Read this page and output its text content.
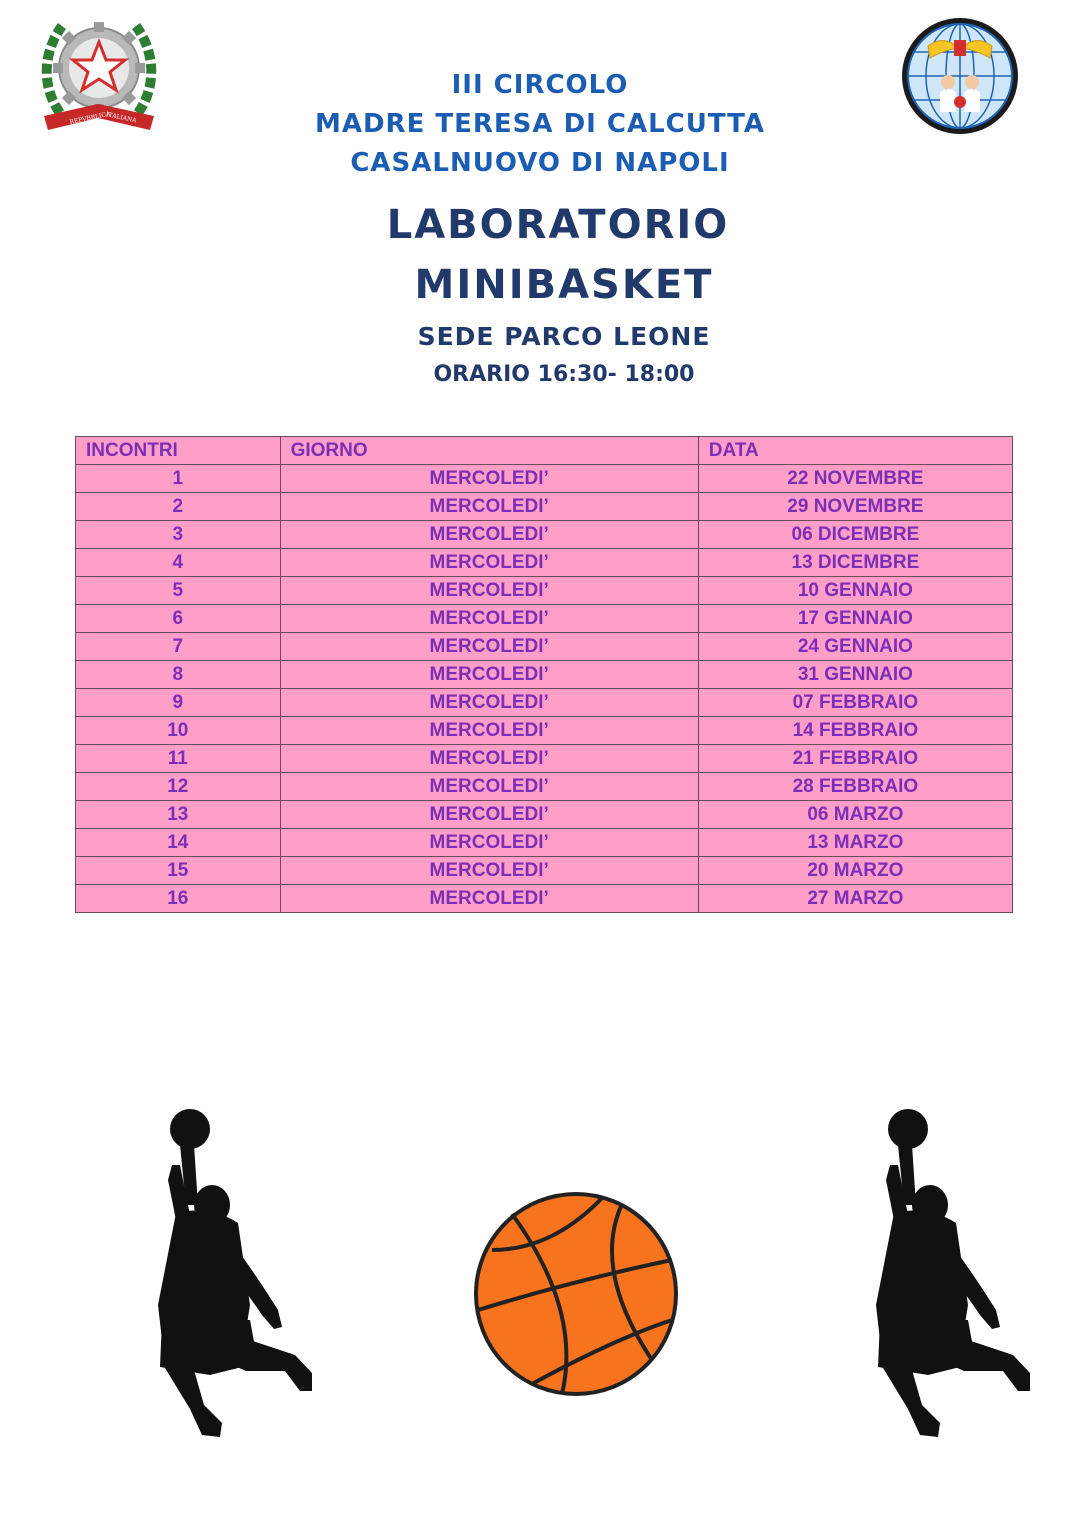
REPVBBLICA
ITALIANA
III CIRCOLO
MADRE TERESA DI CALCUTTA
CASALNUOVO DI NAPOLI
LABORATORIO
MINIBASKET
SEDE PARCO LEONE
ORARIO 16:30- 18:00
INCONTRI	GIORNO	DATA
1	MERCOLEDI’	22 NOVEMBRE
2	MERCOLEDI’	29 NOVEMBRE
3	MERCOLEDI’	06 DICEMBRE
4	MERCOLEDI’	13 DICEMBRE
5	MERCOLEDI’	10 GENNAIO
6	MERCOLEDI’	17 GENNAIO
7	MERCOLEDI’	24 GENNAIO
8	MERCOLEDI’	31 GENNAIO
9	MERCOLEDI’	07 FEBBRAIO
10	MERCOLEDI’	14 FEBBRAIO
11	MERCOLEDI’	21 FEBBRAIO
12	MERCOLEDI’	28 FEBBRAIO
13	MERCOLEDI’	06 MARZO
14	MERCOLEDI’	13 MARZO
15	MERCOLEDI’	20 MARZO
16	MERCOLEDI’	27 MARZO
